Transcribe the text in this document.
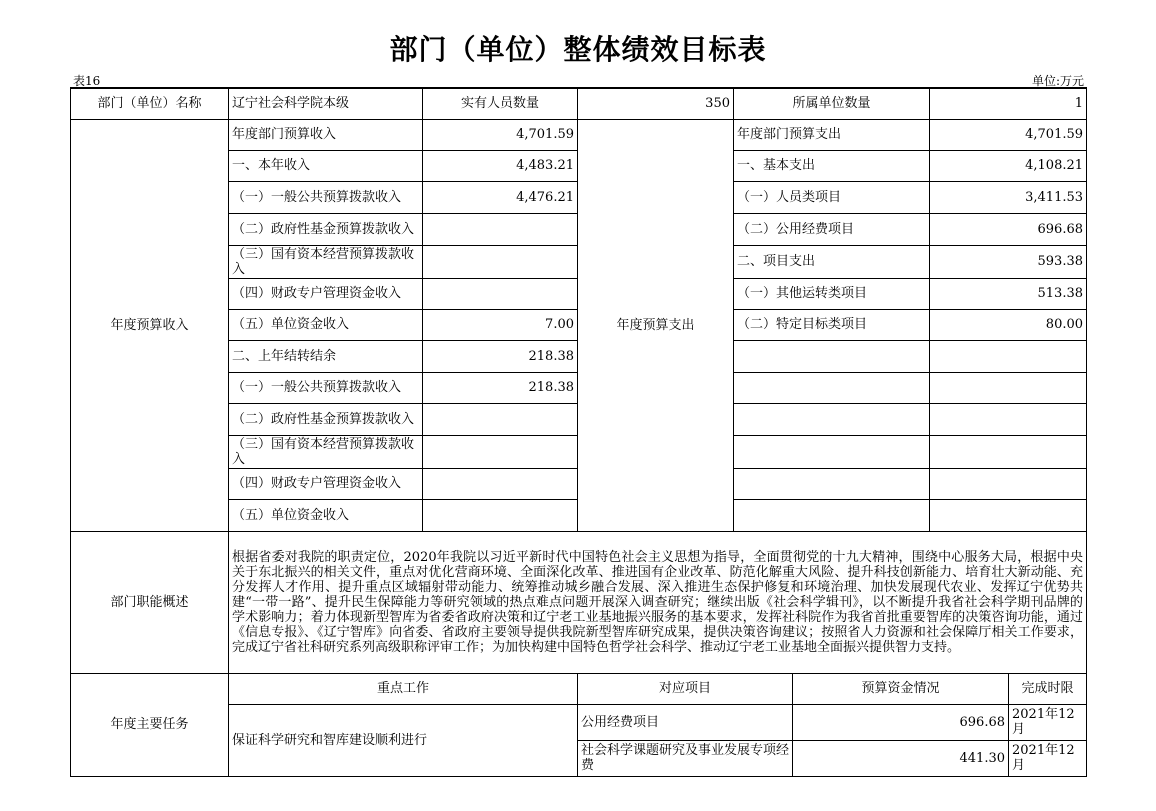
部门（单位）整体绩效目标表
表16	单位:万元
部门（单位）名称	辽宁社会科学院本级	实有人员数量	350	所属单位数量		1	
年度预算收入	年度部门预算收入	4,701.59	年度预算支出	年度部门预算支出		4,701.59	
	一、本年收入	4,483.21		一、基本支出		4,108.21	
	（一）一般公共预算拨款收入	4,476.21		（一）人员类项目		3,411.53	
	（二）政府性基金预算拨款收入			（二）公用经费项目		696.68	
	（三）国有资本经营预算拨款收入			二、项目支出		593.38	
	（四）财政专户管理资金收入			（一）其他运转类项目		513.38	
	（五）单位资金收入	7.00		（二）特定目标类项目		80.00	
	二、上年结转结余	218.38					
	（一）一般公共预算拨款收入	218.38					
	（二）政府性基金预算拨款收入						
	（三）国有资本经营预算拨款收入						
	（四）财政专户管理资金收入						
	（五）单位资金收入						
部门职能概述	根据省委对我院的职责定位，2020年我院以习近平新时代中国特色社会主义思想为指导，全面贯彻党的十九大精神，围绕中心服务大局，根据中央关于东北振兴的相关文件，重点对优化营商环境、全面深化改革、推进国有企业改革、防范化解重大风险、提升科技创新能力、培育壮大新动能、充分发挥人才作用、提升重点区域辐射带动能力、统筹推动城乡融合发展、深入推进生态保护修复和环境治理、加快发展现代农业、发挥辽宁优势共建“一带一路”、提升民生保障能力等研究领域的热点难点问题开展深入调查研究；继续出版《社会科学辑刊》，以不断提升我省社会科学期刊品牌的学术影响力；着力体现新型智库为省委省政府决策和辽宁老工业基地振兴服务的基本要求，发挥社科院作为我省首批重要智库的决策咨询功能，通过《信息专报》、《辽宁智库》向省委、省政府主要领导提供我院新型智库研究成果，提供决策咨询建议；按照省人力资源和社会保障厅相关工作要求，完成辽宁省社科研究系列高级职称评审工作；为加快构建中国特色哲学社会科学、推动辽宁老工业基地全面振兴提供智力支持。						
年度主要任务	重点工作		对应项目		预算资金情况		完成时限
	保证科学研究和智库建设顺利进行		公用经费项目		696.68		2021年12月
			社会科学课题研究及事业发展专项经费		441.30		2021年12月
